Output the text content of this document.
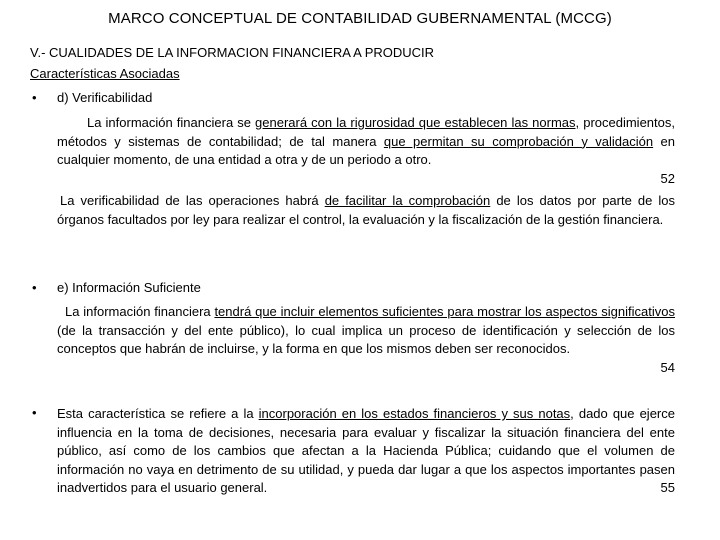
MARCO CONCEPTUAL DE CONTABILIDAD GUBERNAMENTAL (MCCG)
V.- CUALIDADES DE LA INFORMACION FINANCIERA A PRODUCIR
Características Asociadas
• d) Verificabilidad
La información financiera se generará con la rigurosidad que establecen las normas, procedimientos, métodos y sistemas de contabilidad; de tal manera que permitan su comprobación y validación en cualquier momento, de una entidad a otra y de un periodo a otro.
52
La verificabilidad de las operaciones habrá de facilitar la comprobación de los datos por parte de los órganos facultados por ley para realizar el control, la evaluación y la fiscalización de la gestión financiera.
• e) Información Suficiente
La información financiera tendrá que incluir elementos suficientes para mostrar los aspectos significativos (de la transacción y del ente público), lo cual implica un proceso de identificación y selección de los conceptos que habrán de incluirse, y la forma en que los mismos deben ser reconocidos.
54
• Esta característica se refiere a la incorporación en los estados financieros y sus notas, dado que ejerce influencia en la toma de decisiones, necesaria para evaluar y fiscalizar la situación financiera del ente público, así como de los cambios que afectan a la Hacienda Pública; cuidando que el volumen de información no vaya en detrimento de su utilidad, y pueda dar lugar a que los aspectos importantes pasen inadvertidos para el usuario general.	55
